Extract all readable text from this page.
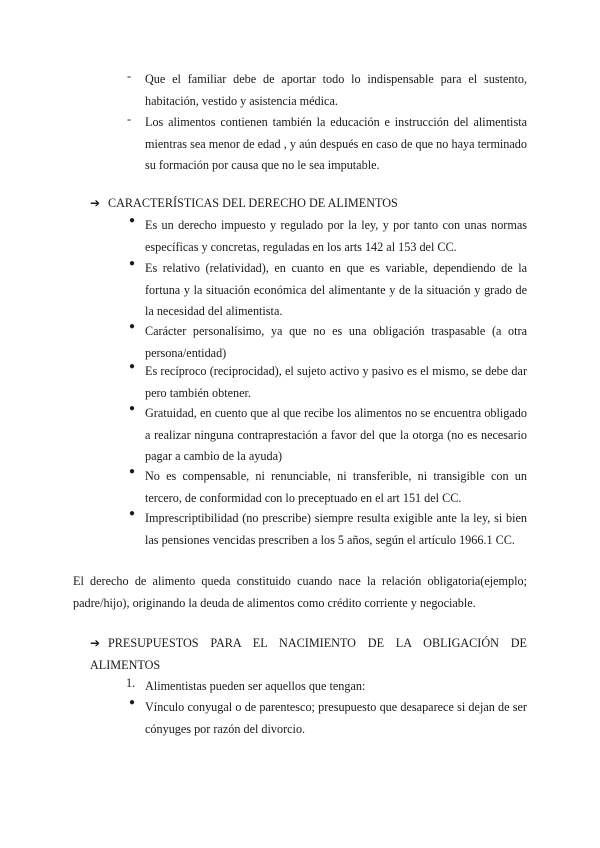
- Que el familiar debe de aportar todo lo indispensable para el sustento, habitación, vestido y asistencia médica.
- Los alimentos contienen también la educación e instrucción del alimentista mientras sea menor de edad , y aún después en caso de que no haya terminado su formación por causa que no le sea imputable.
➔ CARACTERÍSTICAS DEL DERECHO DE ALIMENTOS
● Es un derecho impuesto y regulado por la ley, y por tanto con unas normas específicas y concretas, reguladas en los arts 142 al 153 del CC.
● Es relativo (relatividad), en cuanto en que es variable, dependiendo de la fortuna y la situación económica del alimentante y de la situación y grado de la necesidad del alimentista.
● Carácter personalísimo, ya que no es una obligación traspasable (a otra persona/entidad)
● Es recíproco (reciprocidad), el sujeto activo y pasivo es el mismo, se debe dar pero también obtener.
● Gratuidad, en cuento que al que recibe los alimentos no se encuentra obligado a realizar ninguna contraprestación a favor del que la otorga (no es necesario pagar a cambio de la ayuda)
● No es compensable, ni renunciable, ni transferible, ni transigible con un tercero, de conformidad con lo preceptuado en el art 151 del CC.
● Imprescriptibilidad (no prescribe) siempre resulta exigible ante la ley, si bien las pensiones vencidas prescriben a los 5 años, según el artículo 1966.1 CC.
El derecho de alimento queda constituido cuando nace la relación obligatoria(ejemplo; padre/hijo), originando la deuda de alimentos como crédito corriente y negociable.
➔ PRESUPUESTOS PARA EL NACIMIENTO DE LA OBLIGACIÓN DE ALIMENTOS
1. Alimentistas pueden ser aquellos que tengan:
● Vínculo conyugal o de parentesco; presupuesto que desaparece si dejan de ser cónyuges por razón del divorcio.
